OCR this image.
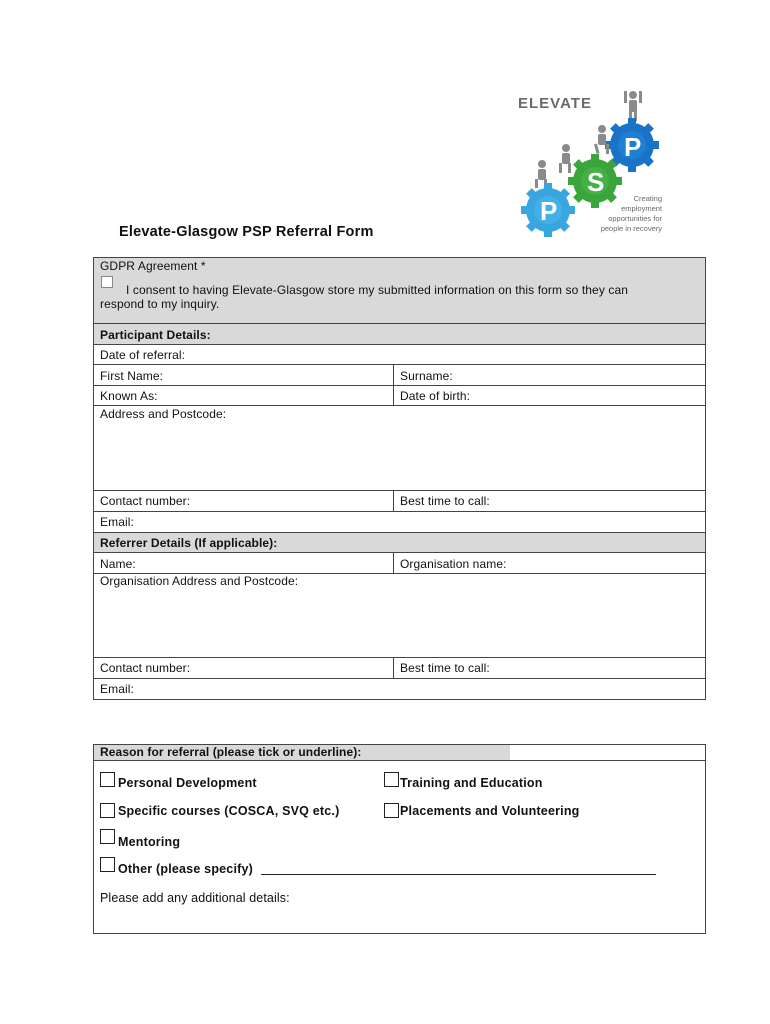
ELEVATE
P
S
P	Creating
employment
opportunities for
people in recovery
Elevate-Glasgow PSP Referral Form
GDPR Agreement *
I consent to having Elevate-Glasgow store my submitted information on this form so they can
respond to my inquiry.
Participant Details:
Date of referral:
First Name:	Surname:
Known As:	Date of birth:
Address and Postcode:
Contact number:	Best time to call:
Email:
Referrer Details (If applicable):
Name:	Organisation name:
Organisation Address and Postcode:
Contact number:	Best time to call:
Email:
Reason for referral (please tick or underline):
Personal Development	Training and Education
Specific courses (COSCA, SVQ etc.)	Placements and Volunteering
Mentoring
Other (please specify)
Please add any additional details:
